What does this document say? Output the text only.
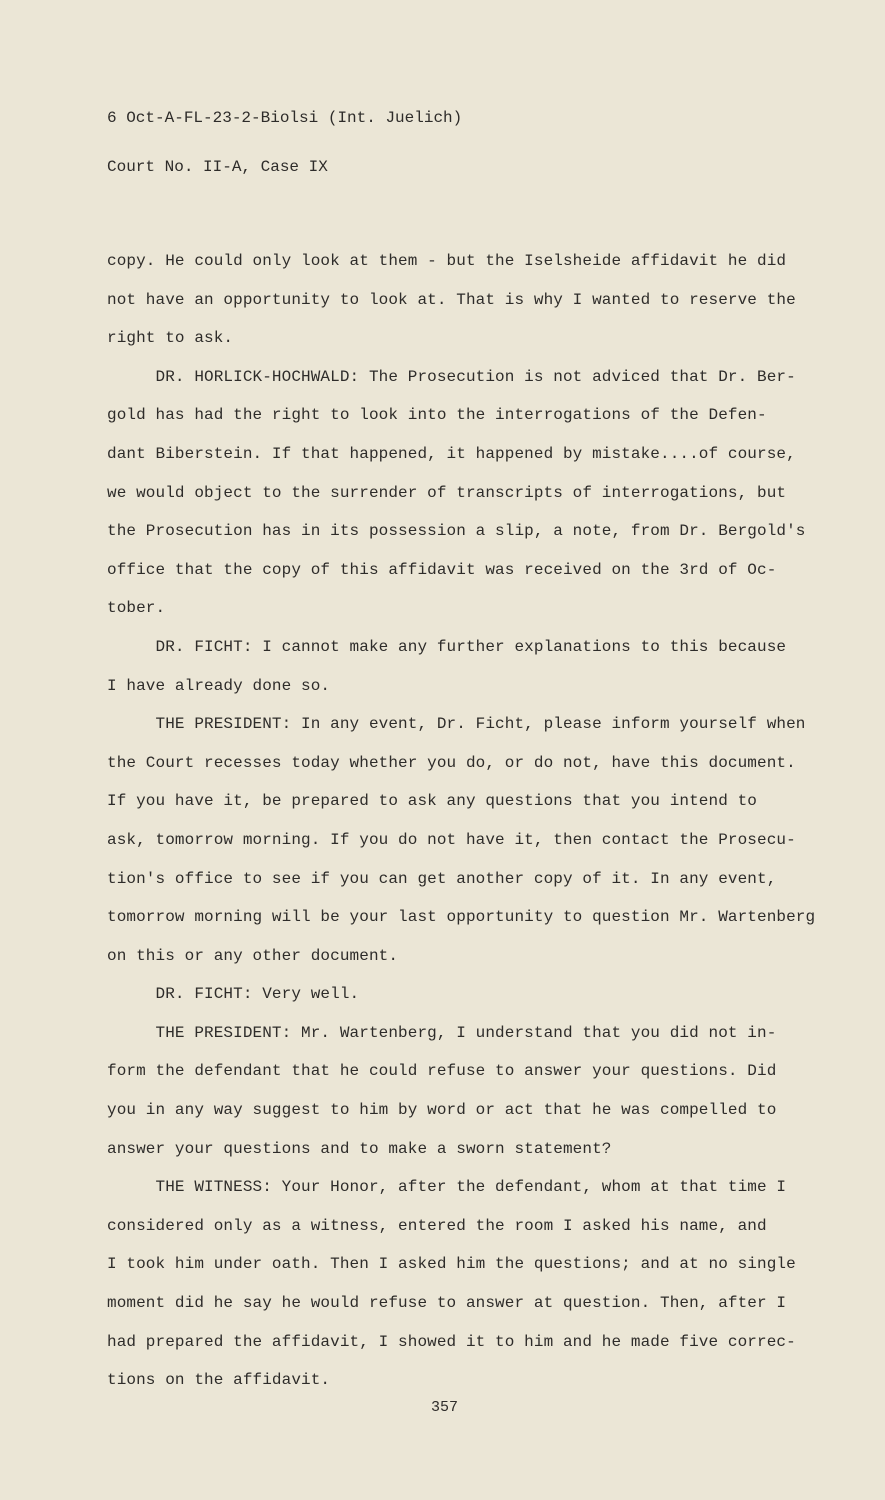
6 Oct-A-FL-23-2-Biolsi (Int. Juelich)
Court No. II-A, Case IX
copy. He could only look at them - but the Iselsheide affidavit he did
not have an opportunity to look at. That is why I wanted to reserve the
right to ask.
DR. HORLICK-HOCHWALD: The Prosecution is not adviced that Dr. Ber-
gold has had the right to look into the interrogations of the Defen-
dant Biberstein. If that happened, it happened by mistake....of course,
we would object to the surrender of transcripts of interrogations, but
the Prosecution has in its possession a slip, a note, from Dr. Bergold's
office that the copy of this affidavit was received on the 3rd of Oc-
tober.
DR. FICHT: I cannot make any further explanations to this because
I have already done so.
THE PRESIDENT: In any event, Dr. Ficht, please inform yourself when
the Court recesses today whether you do, or do not, have this document.
If you have it, be prepared to ask any questions that you intend to
ask, tomorrow morning. If you do not have it, then contact the Prosecu-
tion's office to see if you can get another copy of it. In any event,
tomorrow morning will be your last opportunity to question Mr. Wartenberg
on this or any other document.
DR. FICHT: Very well.
THE PRESIDENT: Mr. Wartenberg, I understand that you did not in-
form the defendant that he could refuse to answer your questions. Did
you in any way suggest to him by word or act that he was compelled to
answer your questions and to make a sworn statement?
THE WITNESS: Your Honor, after the defendant, whom at that time I
considered only as a witness, entered the room I asked his name, and
I took him under oath. Then I asked him the questions; and at no single
moment did he say he would refuse to answer at question. Then, after I
had prepared the affidavit, I showed it to him and he made five correc-
tions on the affidavit.
357
